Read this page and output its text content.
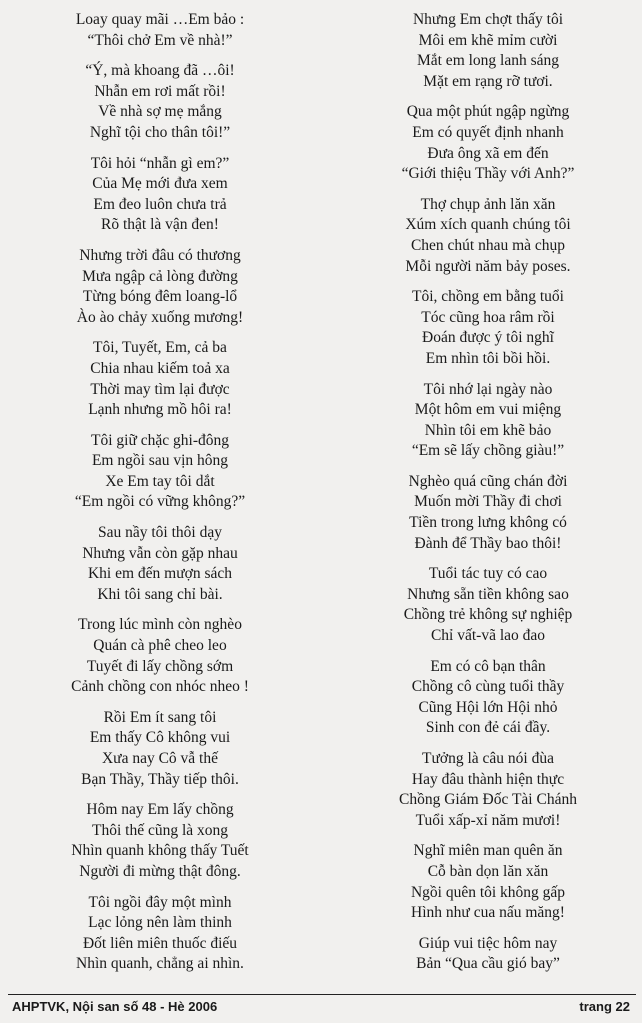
Loay quay mãi …Em bảo :
“Thôi chở Em về nhà!”
“Ý, mà khoang đã …ôi!
Nhẫn em rơi mất rồi!
Về nhà sợ mẹ mắng
Nghĩ tội cho thân tôi!”
Tôi hỏi “nhẫn gì em?”
Của Mẹ mới đưa xem
Em đeo luôn chưa trả
Rõ thật là vận đen!
Nhưng trời đâu có thương
Mưa ngập cả lòng đường
Từng bóng đêm loang-lổ
Ào ào chảy xuống mương!
Tôi, Tuyết, Em, cả ba
Chia nhau kiếm toả xa
Thời may tìm lại được
Lạnh nhưng mồ hôi ra!
Tôi giữ chặc ghi-đông
Em ngồi sau vịn hông
Xe Em tay tôi dắt
“Em ngồi có vững không?”
Sau nầy tôi thôi dạy
Nhưng vẫn còn gặp nhau
Khi em đến mượn sách
Khi tôi sang chỉ bài.
Trong lúc mình còn nghèo
Quán cà phê cheo leo
Tuyết đi lấy chồng sớm
Cảnh chồng con nhóc nheo !
Rồi Em ít sang tôi
Em thấy Cô không vui
Xưa nay Cô vẫ thế
Bạn Thầy, Thầy tiếp thôi.
Hôm nay Em lấy chồng
Thôi thế cũng là xong
Nhìn quanh không thấy Tuết
Người đi mừng thật đông.
Tôi ngồi đây một mình
Lạc lỏng nên làm thinh
Đốt liên miên thuốc điếu
Nhìn quanh, chẳng ai nhìn.
Nhưng Em chợt thấy tôi
Môi em khẽ mỉm cười
Mắt em long lanh sáng
Mặt em rạng rỡ tươi.
Qua một phút ngập ngừng
Em có quyết định nhanh
Đưa ông xã em đến
“Giới thiệu Thầy với Anh?”
Thợ chụp ảnh lăn xăn
Xúm xích quanh chúng tôi
Chen chút nhau mà chụp
Mỗi người năm bảy poses.
Tôi, chồng em bằng tuổi
Tóc cũng hoa râm rồi
Đoán được ý tôi nghĩ
Em nhìn tôi bồi hồi.
Tôi nhớ lại ngày nào
Một hôm em vui miệng
Nhìn tôi em khẽ bảo
“Em sẽ lấy chồng giàu!”
Nghèo quá cũng chán đời
Muốn mời Thầy đi chơi
Tiền trong lưng không có
Đành để Thầy bao thôi!
Tuổi tác tuy có cao
Nhưng sẵn tiền không sao
Chồng trẻ không sự nghiệp
Chỉ vất-vã lao đao
Em có cô bạn thân
Chồng cô cùng tuổi thầy
Cũng Hội lớn Hội nhỏ
Sinh con đẻ cái đầy.
Tưởng là câu nói đùa
Hay đâu thành hiện thực
Chồng Giám Đốc Tài Chánh
Tuổi xấp-xỉ năm mươi!
Nghĩ miên man quên ăn
Cỗ bàn dọn lăn xăn
Ngồi quên tôi không gấp
Hình như cua nấu măng!
Giúp vui tiệc hôm nay
Bản “Qua cầu gió bay”
AHPTVK, Nội san số 48 - Hè 2006	trang 22
